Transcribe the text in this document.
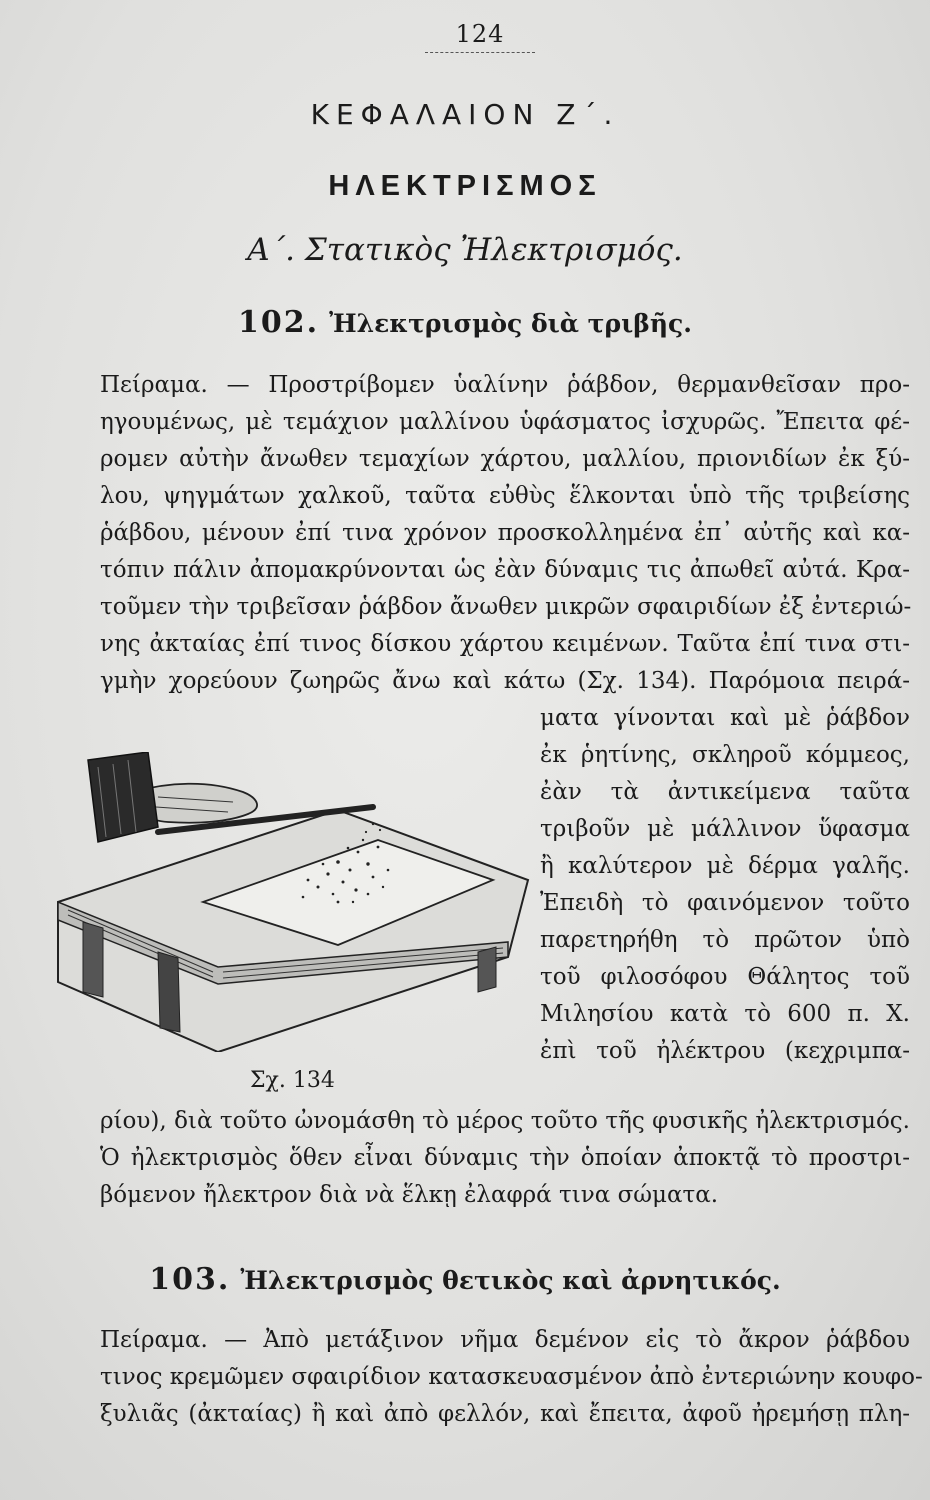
124
ΚΕΦΑΛΑΙΟΝ Ζ΄.
ΗΛΕΚΤΡΙΣΜΟΣ
Α΄. Στατικὸς Ἠλεκτρισμός.
102. Ἠλεκτρισμὸς διὰ τριβῆς.
Πείραμα. — Προστρίβομεν ὑαλίνην ῥάβδον, θερμανθεῖσαν προ-
ηγουμένως, μὲ τεμάχιον μαλλίνου ὑφάσματος ἰσχυρῶς. Ἔπειτα φέ-
ρομεν αὐτὴν ἄνωθεν τεμαχίων χάρτου, μαλλίου, πριονιδίων ἐκ ξύ-
λου, ψηγμάτων χαλκοῦ, ταῦτα εὐθὺς ἕλκονται ὑπὸ τῆς τριβείσης
ῥάβδου, μένουν ἐπί τινα χρόνον προσκολλημένα ἐπ᾽ αὐτῆς καὶ κα-
τόπιν πάλιν ἀπομακρύνονται ὡς ἐὰν δύναμις τις ἀπωθεῖ αὐτά. Κρα-
τοῦμεν τὴν τριβεῖσαν ῥάβδον ἄνωθεν μικρῶν σφαιριδίων ἐξ ἐντεριώ-
νης ἀκταίας ἐπί τινος δίσκου χάρτου κειμένων. Ταῦτα ἐπί τινα στι-
γμὴν χορεύουν ζωηρῶς ἄνω καὶ κάτω (Σχ. 134). Παρόμοια πειρά-
ματα γίνονται καὶ μὲ ῥάβδον
ἐκ ῥητίνης, σκληροῦ κόμμεος,
ἐὰν τὰ ἀντικείμενα ταῦτα
τριβοῦν μὲ μάλλινον ὕφασμα
ἢ καλύτερον μὲ δέρμα γαλῆς.
Ἐπειδὴ τὸ φαινόμενον τοῦτο
παρετηρήθη τὸ πρῶτον ὑπὸ
τοῦ φιλοσόφου Θάλητος τοῦ
Μιλησίου κατὰ τὸ 600 π. Χ.
ἐπὶ τοῦ ἠλέκτρου (κεχριμπα-
Σχ. 134
ρίου), διὰ τοῦτο ὠνομάσθη τὸ μέρος τοῦτο τῆς φυσικῆς ἠλεκτρισμός.
Ὁ ἠλεκτρισμὸς ὅθεν εἶναι δύναμις τὴν ὁποίαν ἀποκτᾷ τὸ προστρι-
βόμενον ἤλεκτρον διὰ νὰ ἕλκῃ ἐλαφρά τινα σώματα.
103. Ἠλεκτρισμὸς θετικὸς καὶ ἀρνητικός.
Πείραμα. — Ἀπὸ μετάξινον νῆμα δεμένον εἰς τὸ ἄκρον ῥάβδου
τινος κρεμῶμεν σφαιρίδιον κατασκευασμένον ἀπὸ ἐντεριώνην κουφο-
ξυλιᾶς (ἀκταίας) ἢ καὶ ἀπὸ φελλόν, καὶ ἔπειτα, ἀφοῦ ἠρεμήσῃ πλη-
